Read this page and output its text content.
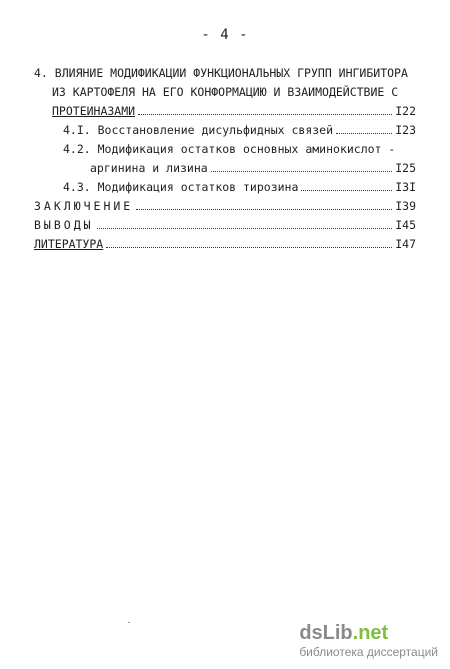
- 4 -
4. ВЛИЯНИЕ МОДИФИКАЦИИ ФУНКЦИОНАЛЬНЫХ ГРУПП ИНГИБИТОРА
ИЗ КАРТОФЕЛЯ НА ЕГО КОНФОРМАЦИЮ И ВЗАИМОДЕЙСТВИЕ С
ПРОТЕИНАЗАМИ	I22
4.I. Восстановление дисульфидных связей	I23
4.2. Модификация остатков основных аминокислот -
аргинина и лизина	I25
4.3. Модификация остатков тирозина	I3I
ЗАКЛЮЧЕНИЕ	I39
ВЫВОДЫ	I45
ЛИТЕРАТУРА	I47
dsLib.net
библиотека диссертаций
